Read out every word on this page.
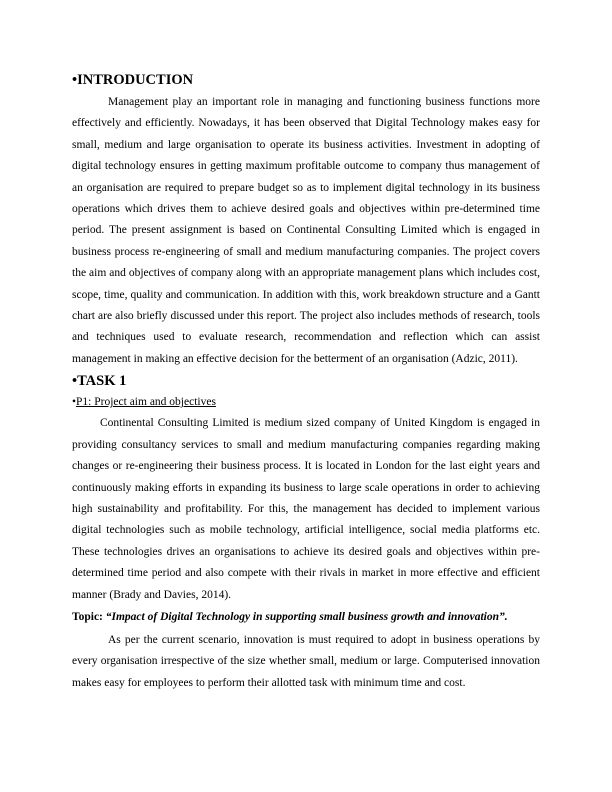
•INTRODUCTION

Management play an important role in managing and functioning business functions more effectively and efficiently. Nowadays, it has been observed that Digital Technology makes easy for small, medium and large organisation to operate its business activities. Investment in adopting of digital technology ensures in getting maximum profitable outcome to company thus management of an organisation are required to prepare budget so as to implement digital technology in its business operations which drives them to achieve desired goals and objectives within pre-determined time period. The present assignment is based on Continental Consulting Limited which is engaged in business process re-engineering of small and medium manufacturing companies. The project covers the aim and objectives of company along with an appropriate management plans which includes cost, scope, time, quality and communication. In addition with this, work breakdown structure and a Gantt chart are also briefly discussed under this report. The project also includes methods of research, tools and techniques used to evaluate research, recommendation and reflection which can assist management in making an effective decision for the betterment of an organisation (Adzic, 2011).

•TASK 1

•P1: Project aim and objectives

Continental Consulting Limited is medium sized company of United Kingdom is engaged in providing consultancy services to small and medium manufacturing companies regarding making changes or re-engineering their business process. It is located in London for the last eight years and continuously making efforts in expanding its business to large scale operations in order to achieving high sustainability and profitability. For this, the management has decided to implement various digital technologies such as mobile technology, artificial intelligence, social media platforms etc. These technologies drives an organisations to achieve its desired goals and objectives within pre-determined time period and also compete with their rivals in market in more effective and efficient manner (Brady and Davies, 2014).

Topic: “Impact of Digital Technology in supporting small business growth and innovation”.

As per the current scenario, innovation is must required to adopt in business operations by every organisation irrespective of the size whether small, medium or large. Computerised innovation makes easy for employees to perform their allotted task with minimum time and cost.
